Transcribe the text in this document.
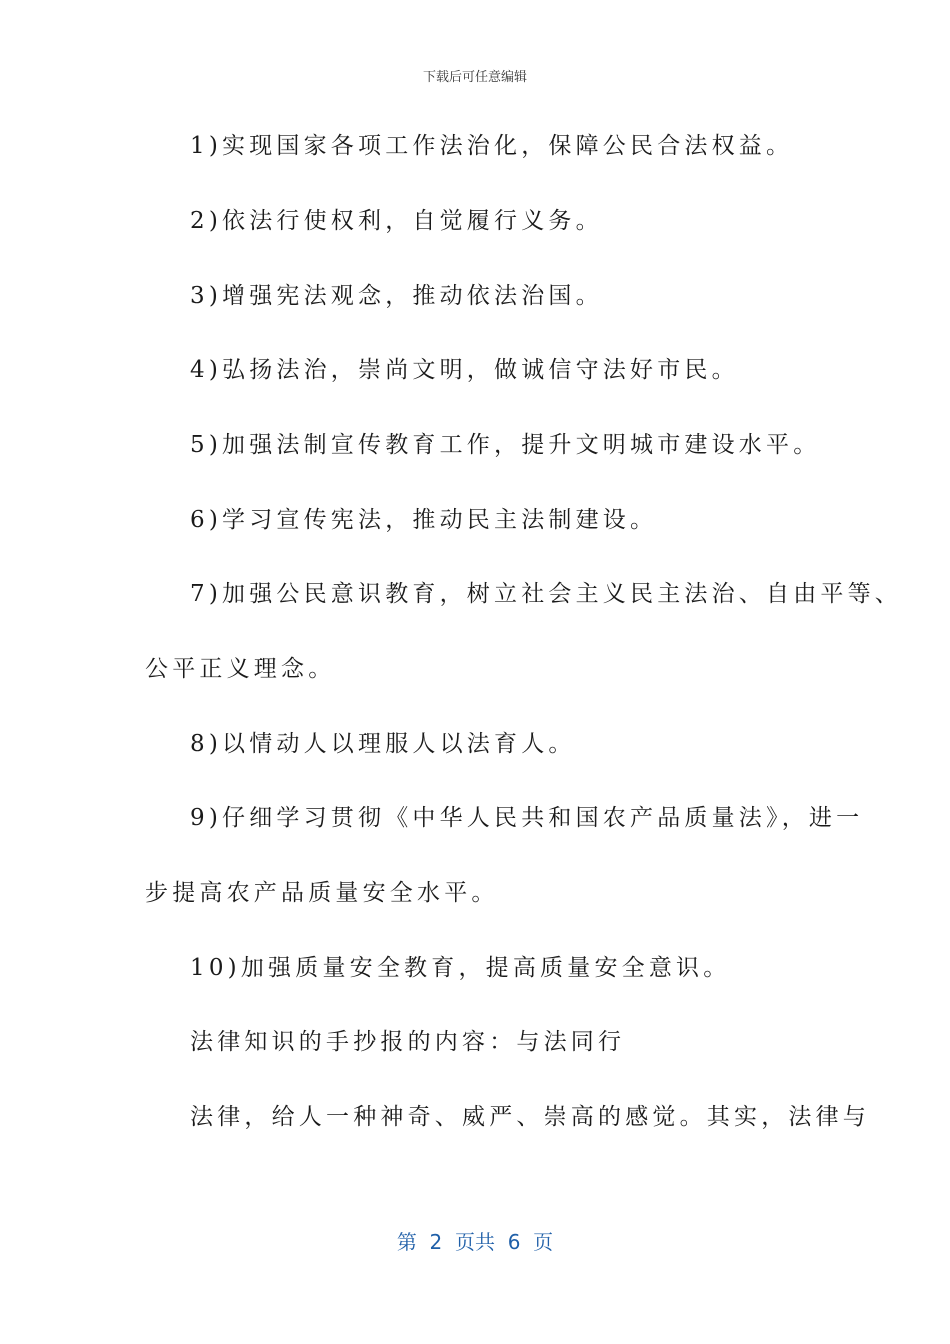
下载后可任意编辑
1)实现国家各项工作法治化，保障公民合法权益。
2)依法行使权利，自觉履行义务。
3)增强宪法观念，推动依法治国。
4)弘扬法治，崇尚文明，做诚信守法好市民。
5)加强法制宣传教育工作，提升文明城市建设水平。
6)学习宣传宪法，推动民主法制建设。
7)加强公民意识教育，树立社会主义民主法治、自由平等、
公平正义理念。
8)以情动人以理服人以法育人。
9)仔细学习贯彻《中华人民共和国农产品质量法》，进一
步提高农产品质量安全水平。
10)加强质量安全教育，提高质量安全意识。
法律知识的手抄报的内容：与法同行
法律，给人一种神奇、威严、崇高的感觉。其实，法律与
第  2  页共  6  页
